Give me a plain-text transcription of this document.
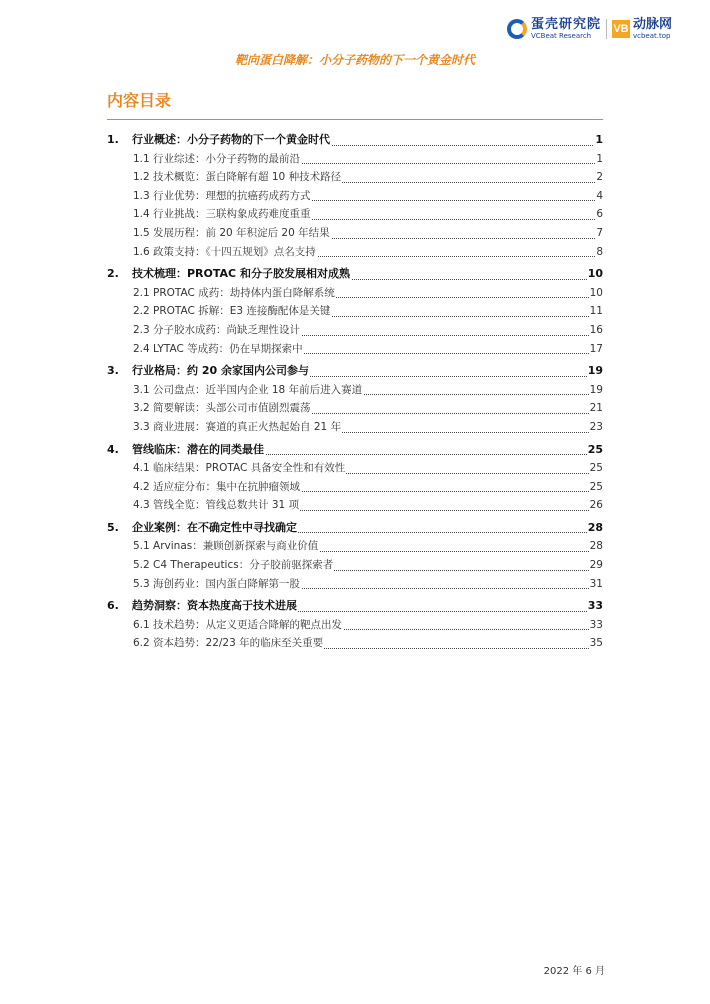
蛋壳研究院
VCBeat Research
VB 动脉网
vcbeat.top
靶向蛋白降解：小分子药物的下一个黄金时代
内容目录
1. 行业概述：小分子药物的下一个黄金时代	1
1.1 行业综述：小分子药物的最前沿	1
1.2 技术概览：蛋白降解有超 10 种技术路径	2
1.3 行业优势：理想的抗癌药成药方式	4
1.4 行业挑战：三联构象成药难度重重	6
1.5 发展历程：前 20 年积淀后 20 年结果	7
1.6 政策支持：《十四五规划》点名支持	8
2. 技术梳理：PROTAC 和分子胶发展相对成熟	10
2.1 PROTAC 成药：劫持体内蛋白降解系统	10
2.2 PROTAC 拆解：E3 连接酶配体是关键	11
2.3 分子胶水成药：尚缺乏理性设计	16
2.4 LYTAC 等成药：仍在早期探索中	17
3. 行业格局：约 20 余家国内公司参与	19
3.1 公司盘点：近半国内企业 18 年前后进入赛道	19
3.2 简要解读：头部公司市值剧烈震荡	21
3.3 商业进展：赛道的真正火热起始自 21 年	23
4. 管线临床：潜在的同类最佳	25
4.1 临床结果：PROTAC 具备安全性和有效性	25
4.2 适应症分布：集中在抗肿瘤领域	25
4.3 管线全览：管线总数共计 31 项	26
5. 企业案例：在不确定性中寻找确定	28
5.1 Arvinas：兼顾创新探索与商业价值	28
5.2 C4 Therapeutics：分子胶前驱探索者	29
5.3 海创药业：国内蛋白降解第一股	31
6. 趋势洞察：资本热度高于技术进展	33
6.1 技术趋势：从定义更适合降解的靶点出发	33
6.2 资本趋势：22/23 年的临床至关重要	35
2022 年 6 月
